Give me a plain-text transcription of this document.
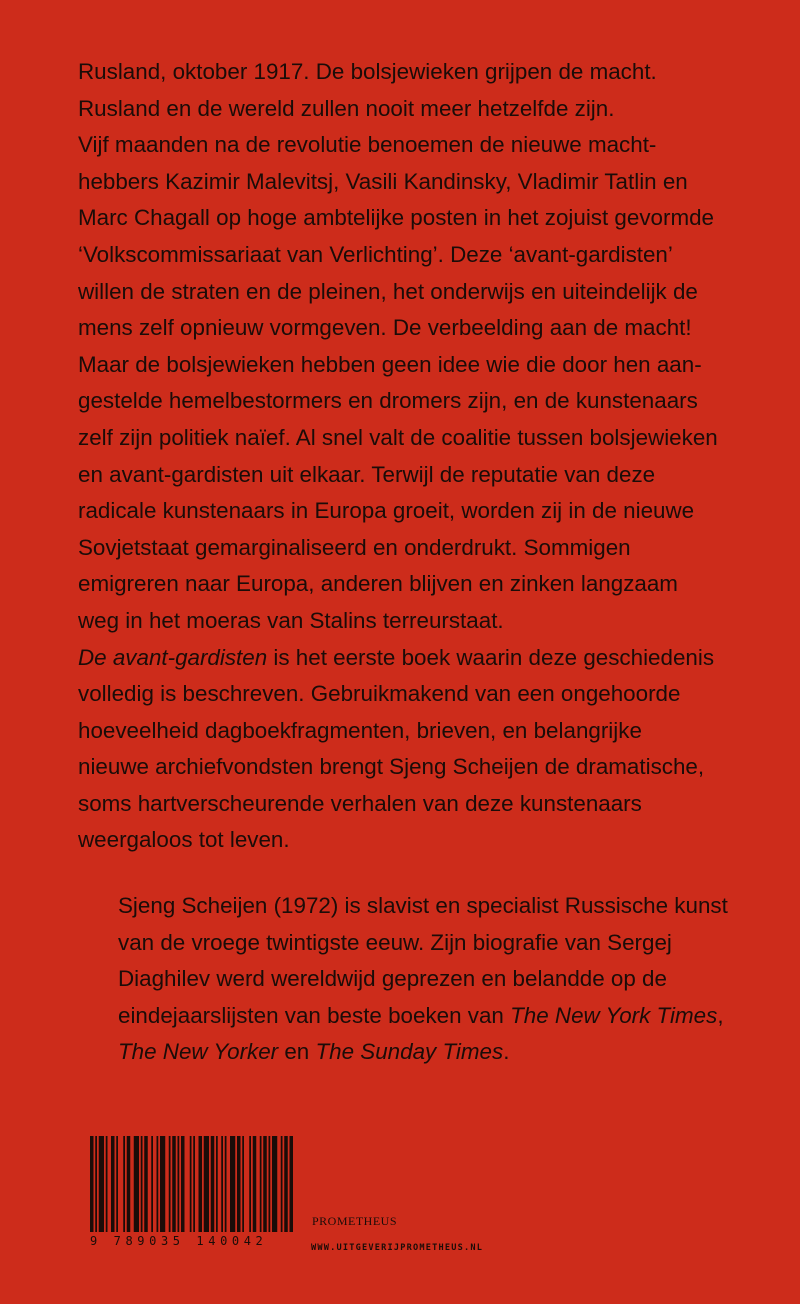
Rusland, oktober 1917. De bolsjewieken grijpen de macht.

Rusland en de wereld zullen nooit meer hetzelfde zijn.

Vijf maanden na de revolutie benoemen de nieuwe macht-

hebbers Kazimir Malevitsj, Vasili Kandinsky, Vladimir Tatlin en

Marc Chagall op hoge ambtelijke posten in het zojuist gevormde

‘Volkscommissariaat van Verlichting’. Deze ‘avant-gardisten’

willen de straten en de pleinen, het onderwijs en uiteindelijk de

mens zelf opnieuw vormgeven. De verbeelding aan de macht!

Maar de bolsjewieken hebben geen idee wie die door hen aan-

gestelde hemelbestormers en dromers zijn, en de kunstenaars

zelf zijn politiek naïef. Al snel valt de coalitie tussen bolsjewieken

en avant-gardisten uit elkaar. Terwijl de reputatie van deze

radicale kunstenaars in Europa groeit, worden zij in de nieuwe

Sovjetstaat gemarginaliseerd en onderdrukt. Sommigen

emigreren naar Europa, anderen blijven en zinken langzaam

weg in het moeras van Stalins terreurstaat.

De avant-gardisten is het eerste boek waarin deze geschiedenis

volledig is beschreven. Gebruikmakend van een ongehoorde

hoeveelheid dagboekfragmenten, brieven, en belangrijke

nieuwe archiefvondsten brengt Sjeng Scheijen de dramatische,

soms hartverscheurende verhalen van deze kunstenaars

weergaloos tot leven.

Sjeng Scheijen (1972) is slavist en specialist Russische kunst

van de vroege twintigste eeuw. Zijn biografie van Sergej

Diaghilev werd wereldwijd geprezen en belandde op de

eindejaarslijsten van beste boeken van The New York Times,

The New Yorker en The Sunday Times.

9 789035 140042
PROMETHEUS
WWW.UITGEVERIJPROMETHEUS.NL
